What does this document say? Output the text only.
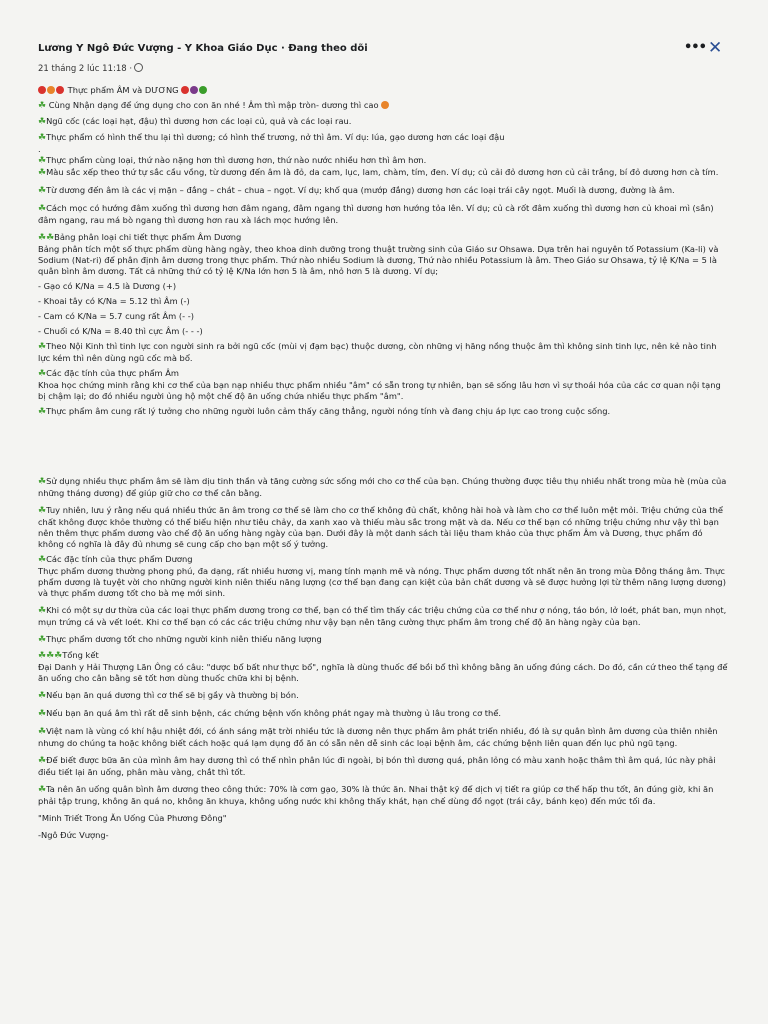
Lương Y Ngô Đức Vượng - Y Khoa Giáo Dục · Đang theo dõi
21 tháng 2 lúc 11:18 ·
••• ✕

Thực phẩm ÂM và DƯƠNG

☘ Cùng Nhận dạng để ứng dụng cho con ăn nhé ! Âm thì mập tròn- dương thì cao

☘Ngũ cốc (các loại hạt, đậu) thì dương hơn các loại củ, quả và các loại rau.

☘Thực phẩm có hình thể thu lại thì dương; có hình thể trương, nở thì âm. Ví dụ: lúa, gạo dương hơn các loại đậu

.

☘Thực phẩm cùng loại, thứ nào nặng hơn thì dương hơn, thứ nào nước nhiều hơn thì âm hơn.

☘Màu sắc xếp theo thứ tự sắc cầu vồng, từ dương đến âm là đỏ, da cam, lục, lam, chàm, tím, đen. Ví dụ; củ cải đỏ dương hơn củ cải trắng, bí đỏ dương hơn cà tím.

☘Từ dương đến âm là các vị mặn – đắng – chát – chua – ngọt. Ví dụ; khổ qua (mướp đắng) dương hơn các loại trái cây ngọt. Muối là dương, đường là âm.

☘Cách mọc có hướng đâm xuống thì dương hơn đâm ngang, đâm ngang thì dương hơn hướng tỏa lên. Ví dụ; củ cà rốt đâm xuống thì dương hơn củ khoai mì (sắn) đâm ngang, rau má bò ngang thì dương hơn rau xà lách mọc hướng lên.

☘☘Bảng phân loại chi tiết thực phẩm Âm Dương

Bảng phân tích một số thực phẩm dùng hàng ngày, theo khoa dinh dưỡng trong thuật trường sinh của Giáo sư Ohsawa. Dựa trên hai nguyên tố Potassium (Ka-li) và Sodium (Nat-ri) để phân định âm dương trong thực phẩm. Thứ nào nhiều Sodium là dương, Thứ nào nhiều Potassium là âm. Theo Giáo sư Ohsawa, tỷ lệ K/Na = 5 là quân bình âm dương. Tất cả những thứ có tỷ lệ K/Na lớn hơn 5 là âm, nhỏ hơn 5 là dương. Ví dụ;

- Gạo có K/Na = 4.5 là Dương (+)

- Khoai tây có K/Na = 5.12 thì Âm (-)

- Cam có K/Na = 5.7 cung rất Âm (- -)

- Chuối có K/Na = 8.40 thì cực Âm (- - -)

☘Theo Nội Kinh thì tinh lực con người sinh ra bởi ngũ cốc (mùi vị đạm bạc) thuộc dương, còn những vị hăng nồng thuộc âm thì không sinh tinh lực, nên kẻ nào tinh lực kém thì nên dùng ngũ cốc mà bổ.

☘Các đặc tính của thực phẩm Âm

Khoa học chứng minh rằng khi cơ thể của bạn nạp nhiều thực phẩm nhiều "âm" có sẵn trong tự nhiên, bạn sẽ sống lâu hơn vì sự thoái hóa của các cơ quan nội tạng bị chậm lại; do đó nhiều người ủng hộ một chế độ ăn uống chứa nhiều thực phẩm "âm".

☘Thực phẩm âm cung rất lý tưởng cho những người luôn cảm thấy căng thẳng, người nóng tính và đang chịu áp lực cao trong cuộc sống.

☘Sử dụng nhiều thực phẩm âm sẽ làm dịu tinh thần và tăng cường sức sống mới cho cơ thể của bạn. Chúng thường được tiêu thụ nhiều nhất trong mùa hè (mùa của những tháng dương) để giúp giữ cho cơ thể cân bằng.

☘Tuy nhiên, lưu ý rằng nếu quá nhiều thức ăn âm trong cơ thể sẽ làm cho cơ thể không đủ chất, không hài hoà và làm cho cơ thể luôn mệt mỏi. Triệu chứng của thể chất không được khỏe thường có thể biểu hiện như tiêu chảy, da xanh xao và thiếu màu sắc trong mặt và da. Nếu cơ thể bạn có những triệu chứng như vậy thì bạn nên thêm thực phẩm dương vào chế độ ăn uống hàng ngày của bạn. Dưới đây là một danh sách tài liệu tham khảo của thực phẩm Âm và Dương, thực phẩm đó không có nghĩa là đây đủ nhưng sẽ cung cấp cho bạn một số ý tưởng.

☘Các đặc tính của thực phẩm Dương

Thực phẩm dương thường phong phú, đa dạng, rất nhiều hương vị, mang tính mạnh mẽ và nóng. Thực phẩm dương tốt nhất nên ăn trong mùa Đông tháng âm. Thực phẩm dương là tuyệt vời cho những người kinh niên thiếu năng lượng (cơ thể bạn đang cạn kiệt của bản chất dương và sẽ được hưởng lợi từ thêm năng lượng dương) và thực phẩm dương tốt cho bà mẹ mới sinh.

☘Khi có một sự dư thừa của các loại thực phẩm dương trong cơ thể, bạn có thể tìm thấy các triệu chứng của cơ thể như ợ nóng, táo bón, lở loét, phát ban, mụn nhọt, mụn trứng cá và vết loét. Khi cơ thể bạn có các các triệu chứng như vậy bạn nên tăng cường thực phẩm âm trong chế độ ăn hàng ngày của bạn.

☘Thực phẩm dương tốt cho những người kinh niên thiếu năng lượng

☘☘☘Tổng kết

Đại Danh y Hải Thượng Lãn Ông có câu: "dược bổ bất như thực bổ", nghĩa là dùng thuốc để bồi bổ thì không bằng ăn uống đúng cách. Do đó, cần cứ theo thể tạng để ăn uống cho cân bằng sẽ tốt hơn dùng thuốc chữa khi bị bệnh.

☘Nếu bạn ăn quá dương thì cơ thể sẽ bị gầy và thường bị bón.

☘Nếu bạn ăn quá âm thì rất dễ sinh bệnh, các chứng bệnh vốn không phát ngay mà thường ủ lâu trong cơ thể.

☘Việt nam là vùng có khí hậu nhiệt đới, có ánh sáng mặt trời nhiều tức là dương nên thực phẩm âm phát triển nhiều, đó là sự quân bình âm dương của thiên nhiên nhưng do chúng ta hoặc không biết cách hoặc quá lạm dụng đồ ăn có sẵn nên dễ sinh các loại bệnh âm, các chứng bệnh liên quan đến lục phủ ngũ tạng.

☘Để biết được bữa ăn của mình âm hay dương thì có thể nhìn phân lúc đi ngoài, bị bón thì dương quá, phân lỏng có màu xanh hoặc thâm thì âm quá, lúc này phải điều tiết lại ăn uống, phân màu vàng, chắt thì tốt.

☘Ta nên ăn uống quân bình âm dương theo công thức: 70% là cơm gạo, 30% là thức ăn. Nhai thật kỹ để dịch vị tiết ra giúp cơ thể hấp thu tốt, ăn đúng giờ, khi ăn phải tập trung, không ăn quá no, không ăn khuya, không uống nước khi không thấy khát, hạn chế dùng đồ ngọt (trái cây, bánh kẹo) đến mức tối đa.

"Minh Triết Trong Ăn Uống Của Phương Đông"

-Ngô Đức Vượng-
